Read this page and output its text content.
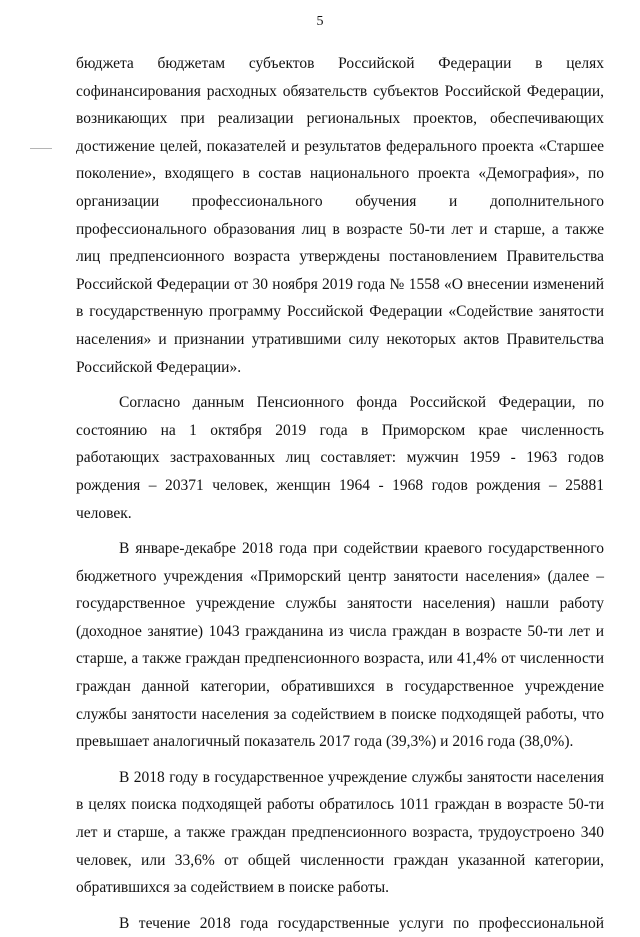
5

бюджета бюджетам субъектов Российской Федерации в целях софинансирования расходных обязательств субъектов Российской Федерации, возникающих при реализации региональных проектов, обеспечивающих достижение целей, показателей и результатов федерального проекта «Старшее поколение», входящего в состав национального проекта «Демография», по организации профессионального обучения и дополнительного профессионального образования лиц в возрасте 50-ти лет и старше, а также лиц предпенсионного возраста утверждены постановлением Правительства Российской Федерации от 30 ноября 2019 года № 1558 «О внесении изменений в государственную программу Российской Федерации «Содействие занятости населения» и признании утратившими силу некоторых актов Правительства Российской Федерации».

Согласно данным Пенсионного фонда Российской Федерации, по состоянию на 1 октября 2019 года в Приморском крае численность работающих застрахованных лиц составляет: мужчин 1959 - 1963 годов рождения – 20371 человек, женщин 1964 - 1968 годов рождения – 25881 человек.

В январе-декабре 2018 года при содействии краевого государственного бюджетного учреждения «Приморский центр занятости населения» (далее – государственное учреждение службы занятости населения) нашли работу (доходное занятие) 1043 гражданина из числа граждан в возрасте 50-ти лет и старше, а также граждан предпенсионного возраста, или 41,4% от численности граждан данной категории, обратившихся в государственное учреждение службы занятости населения за содействием в поиске подходящей работы, что превышает аналогичный показатель 2017 года (39,3%) и 2016 года (38,0%).

В 2018 году в государственное учреждение службы занятости населения в целях поиска подходящей работы обратилось 1011 граждан в возрасте 50-ти лет и старше, а также граждан предпенсионного возраста, трудоустроено 340 человек, или 33,6% от общей численности граждан указанной категории, обратившихся за содействием в поиске работы.

В течение 2018 года государственные услуги по профессиональной
